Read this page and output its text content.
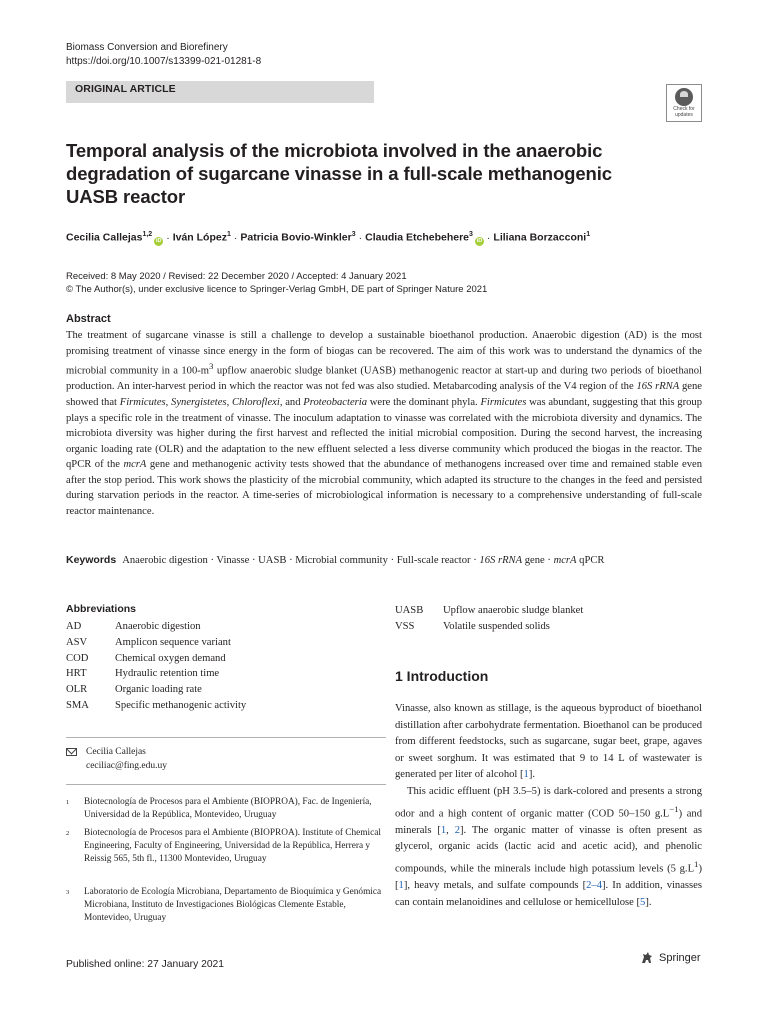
Biomass Conversion and Biorefinery
https://doi.org/10.1007/s13399-021-01281-8
ORIGINAL ARTICLE
Check for
updates
Temporal analysis of the microbiota involved in the anaerobic degradation of sugarcane vinasse in a full-scale methanogenic UASB reactor
Cecilia Callejas$^{1,2}$iD · Iván López$^1$ · Patricia Bovio-Winkler$^3$ · Claudia Etchebehere$^3$iD · Liliana Borzacconi$^1$
Received: 8 May 2020 / Revised: 22 December 2020 / Accepted: 4 January 2021
© The Author(s), under exclusive licence to Springer-Verlag GmbH, DE part of Springer Nature 2021
Abstract
The treatment of sugarcane vinasse is still a challenge to develop a sustainable bioethanol production. Anaerobic digestion (AD) is the most promising treatment of vinasse since energy in the form of biogas can be recovered. The aim of this work was to understand the dynamics of the microbial community in a $100-m^3$ upflow anaerobic sludge blanket (UASB) methanogenic reactor at start-up and during two periods of bioethanol production. An inter-harvest period in which the reactor was not fed was also studied. Metabarcoding analysis of the V4 region of the 16S rRNA gene showed that Firmicutes, Synergistetes, Chloroflexi, and Proteobacteria were the dominant phyla. Firmicutes was abundant, suggesting that this group plays a specific role in the treatment of vinasse. The inoculum adaptation to vinasse was correlated with the microbiota diversity and dynamics. The microbiota diversity was higher during the first harvest and reflected the initial microbial composition. During the second harvest, the increasing organic loading rate (OLR) and the adaptation to the new effluent selected a less diverse community which produced the biogas in the reactor. The qPCR of the mcrA gene and methanogenic activity tests showed that the abundance of methanogens increased over time and remained stable even after the stop period. This work shows the plasticity of the microbial community, which adapted its structure to the changes in the feed and persisted during starvation periods in the reactor. A time-series of microbiological information is necessary to a comprehensive understanding of full-scale reactor maintenance.
Keywords Anaerobic digestion · Vinasse · UASB · Microbial community · Full-scale reactor · 16S rRNA gene · mcrA qPCR
Abbreviations
AD	Anaerobic digestion
ASV	Amplicon sequence variant
COD	Chemical oxygen demand
HRT	Hydraulic retention time
OLR	Organic loading rate
SMA	Specific methanogenic activity
UASB	Upflow anaerobic sludge blanket
VSS	Volatile suspended solids
Cecilia Callejas
ceciliac@fing.edu.uy
1 Biotecnología de Procesos para el Ambiente (BIOPROA), Fac. de Ingeniería, Universidad de la República, Montevideo, Uruguay
2 Biotecnología de Procesos para el Ambiente (BIOPROA). Institute of Chemical Engineering, Faculty of Engineering, Universidad de la República, Herrera y Reissig 565, 5th fl., 11300 Montevideo, Uruguay
3 Laboratorio de Ecología Microbiana, Departamento de Bioquímica y Genómica Microbiana, Instituto de Investigaciones Biológicas Clemente Estable, Montevideo, Uruguay
1 Introduction

Vinasse, also known as stillage, is the aqueous byproduct of bioethanol distillation after carbohydrate fermentation. Bioethanol can be produced from different feedstocks, such as sugarcane, sugar beet, grape, agaves or sweet sorghum. It was estimated that 9 to 14 L of wastewater is generated per liter of alcohol [1].

This acidic effluent (pH 3.5–5) is dark-colored and presents a strong odor and a high content of organic matter (COD 50–150 $g.L^{-1}$) and minerals [1, 2]. The organic matter of vinasse is often present as glycerol, organic acids (lactic acid and acetic acid), and phenolic compounds, while the minerals include high potassium levels (5 $g.L^1$) [1], heavy metals, and sulfate compounds [2–4]. In addition, vinasses can contain melanoidines and cellulose or hemicellulose [5].

Published online: 27 January 2021
Springer
